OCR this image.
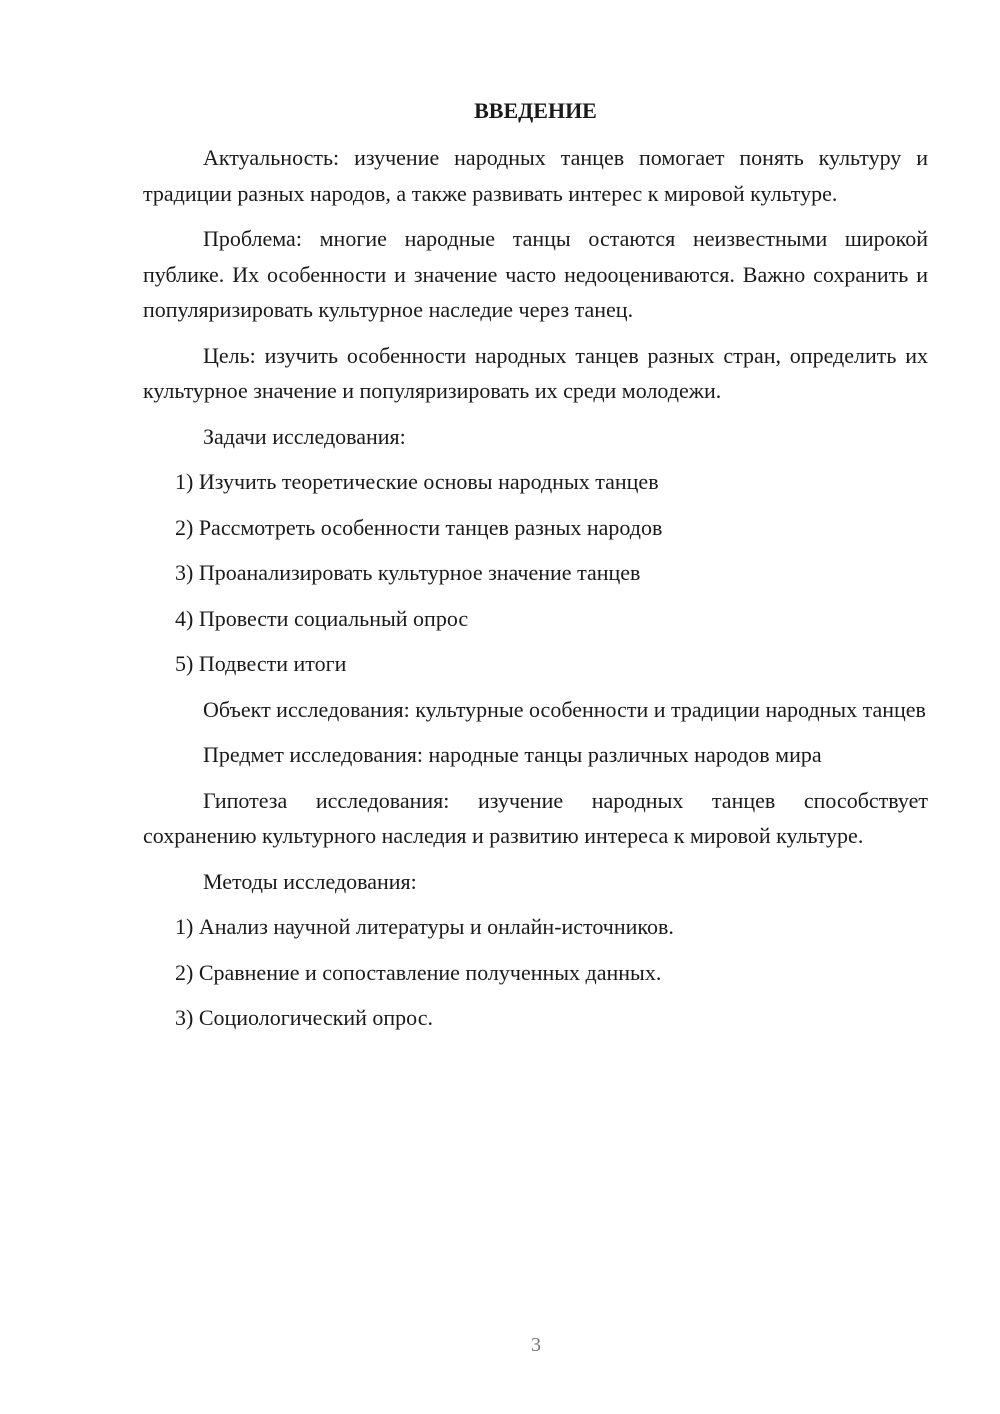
ВВЕДЕНИЕ

Актуальность: изучение народных танцев помогает понять культуру и традиции разных народов, а также развивать интерес к мировой культуре.

Проблема: многие народные танцы остаются неизвестными широкой публике. Их особенности и значение часто недооцениваются. Важно сохранить и популяризировать культурное наследие через танец.

Цель: изучить особенности народных танцев разных стран, определить их культурное значение и популяризировать их среди молодежи.

Задачи исследования:

1) Изучить теоретические основы народных танцев
2) Рассмотреть особенности танцев разных народов
3) Проанализировать культурное значение танцев
4) Провести социальный опрос
5) Подвести итоги

Объект исследования: культурные особенности и традиции народных танцев

Предмет исследования: народные танцы различных народов мира

Гипотеза исследования: изучение народных танцев способствует сохранению культурного наследия и развитию интереса к мировой культуре.

Методы исследования:

1) Анализ научной литературы и онлайн-источников.
2) Сравнение и сопоставление полученных данных.
3) Социологический опрос.
3
